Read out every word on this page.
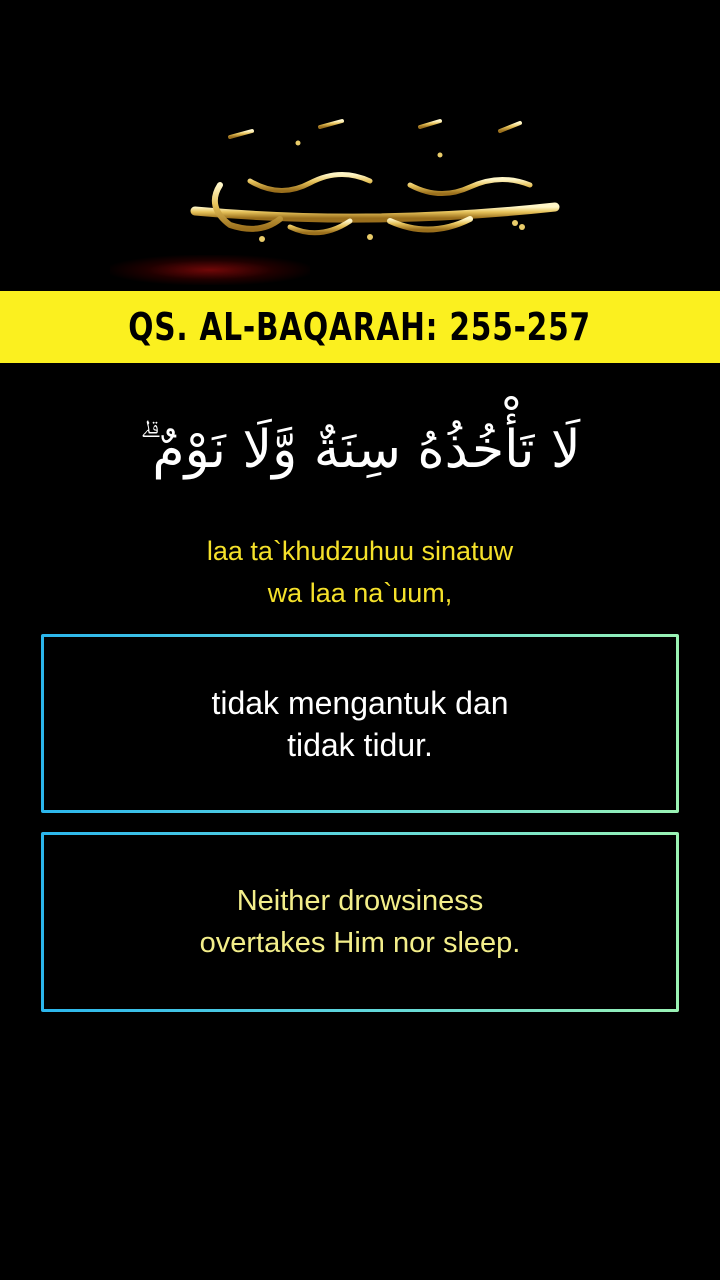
QS. AL-BAQARAH: 255-257
لَا تَأْخُذُهُ سِنَةٌ وَّلَا نَوْمٌ ۗ
laa ta`khudzuhuu sinatuw
wa laa na`uum,
tidak mengantuk dan
tidak tidur.
Neither drowsiness
overtakes Him nor sleep.
